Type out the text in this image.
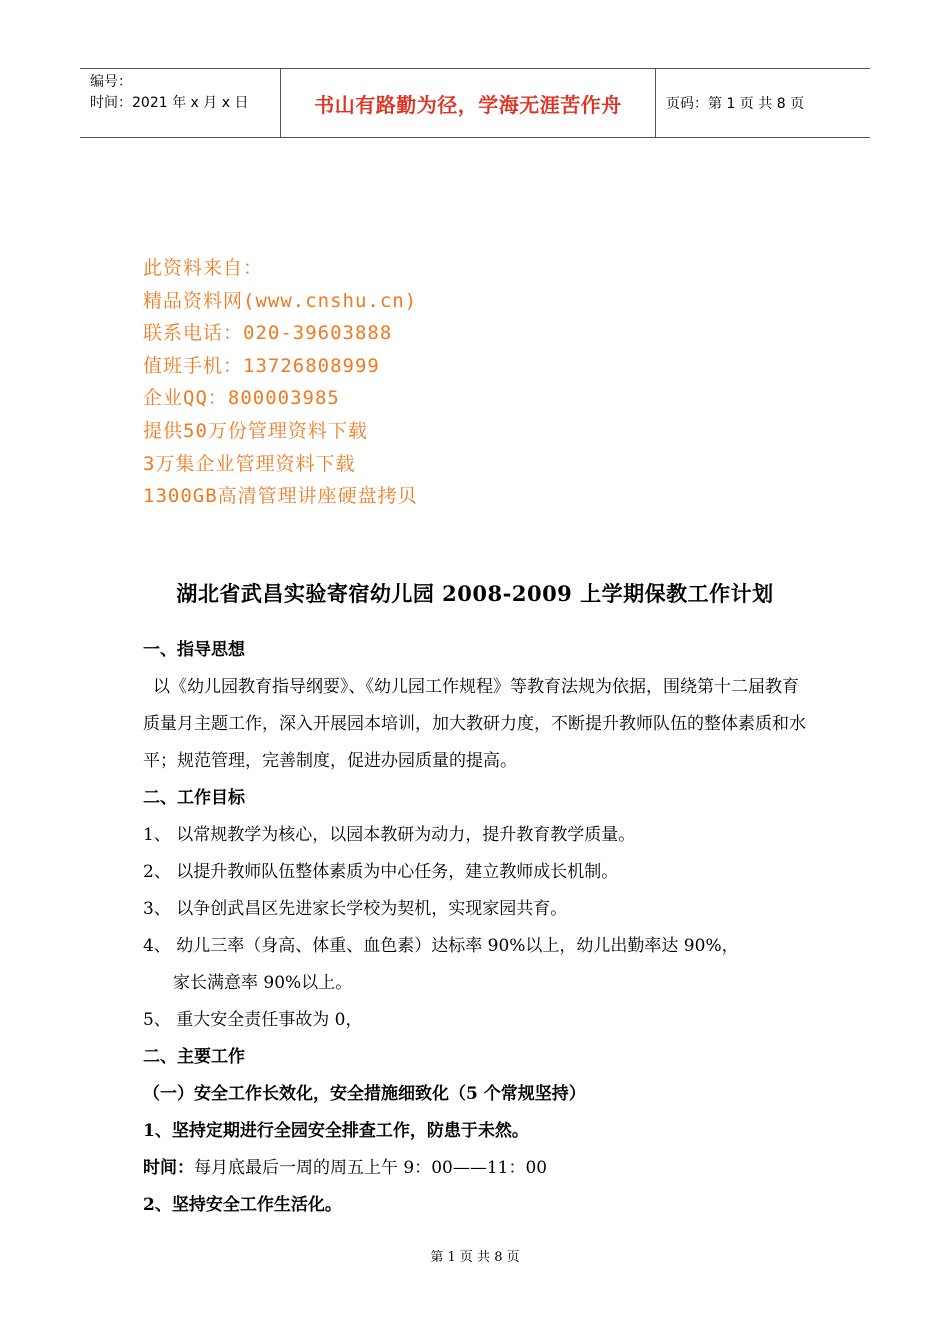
编号：
时间：2021 年 x 月 x 日	书山有路勤为径，学海无涯苦作舟	页码：第 1 页 共 8 页
此资料来自：
精品资料网(www.cnshu.cn)
联系电话：020-39603888
值班手机：13726808999
企业QQ：800003985
提供50万份管理资料下载
3万集企业管理资料下载
1300GB高清管理讲座硬盘拷贝
湖北省武昌实验寄宿幼儿园 2008-2009 上学期保教工作计划
一、指导思想
以《幼儿园教育指导纲要》、《幼儿园工作规程》等教育法规为依据，围绕第十二届教育质量月主题工作，深入开展园本培训，加大教研力度，不断提升教师队伍的整体素质和水平；规范管理，完善制度，促进办园质量的提高。
二、工作目标
1、 以常规教学为核心，以园本教研为动力，提升教育教学质量。
2、 以提升教师队伍整体素质为中心任务，建立教师成长机制。
3、 以争创武昌区先进家长学校为契机，实现家园共育。
4、 幼儿三率（身高、体重、血色素）达标率 90%以上，幼儿出勤率达 90%，
家长满意率 90%以上。
5、 重大安全责任事故为 0，
二、主要工作
（一）安全工作长效化，安全措施细致化（5 个常规坚持）
1、坚持定期进行全园安全排查工作，防患于未然。
时间：每月底最后一周的周五上午 9：00——11：00
2、坚持安全工作生活化。
第 1 页 共 8 页
